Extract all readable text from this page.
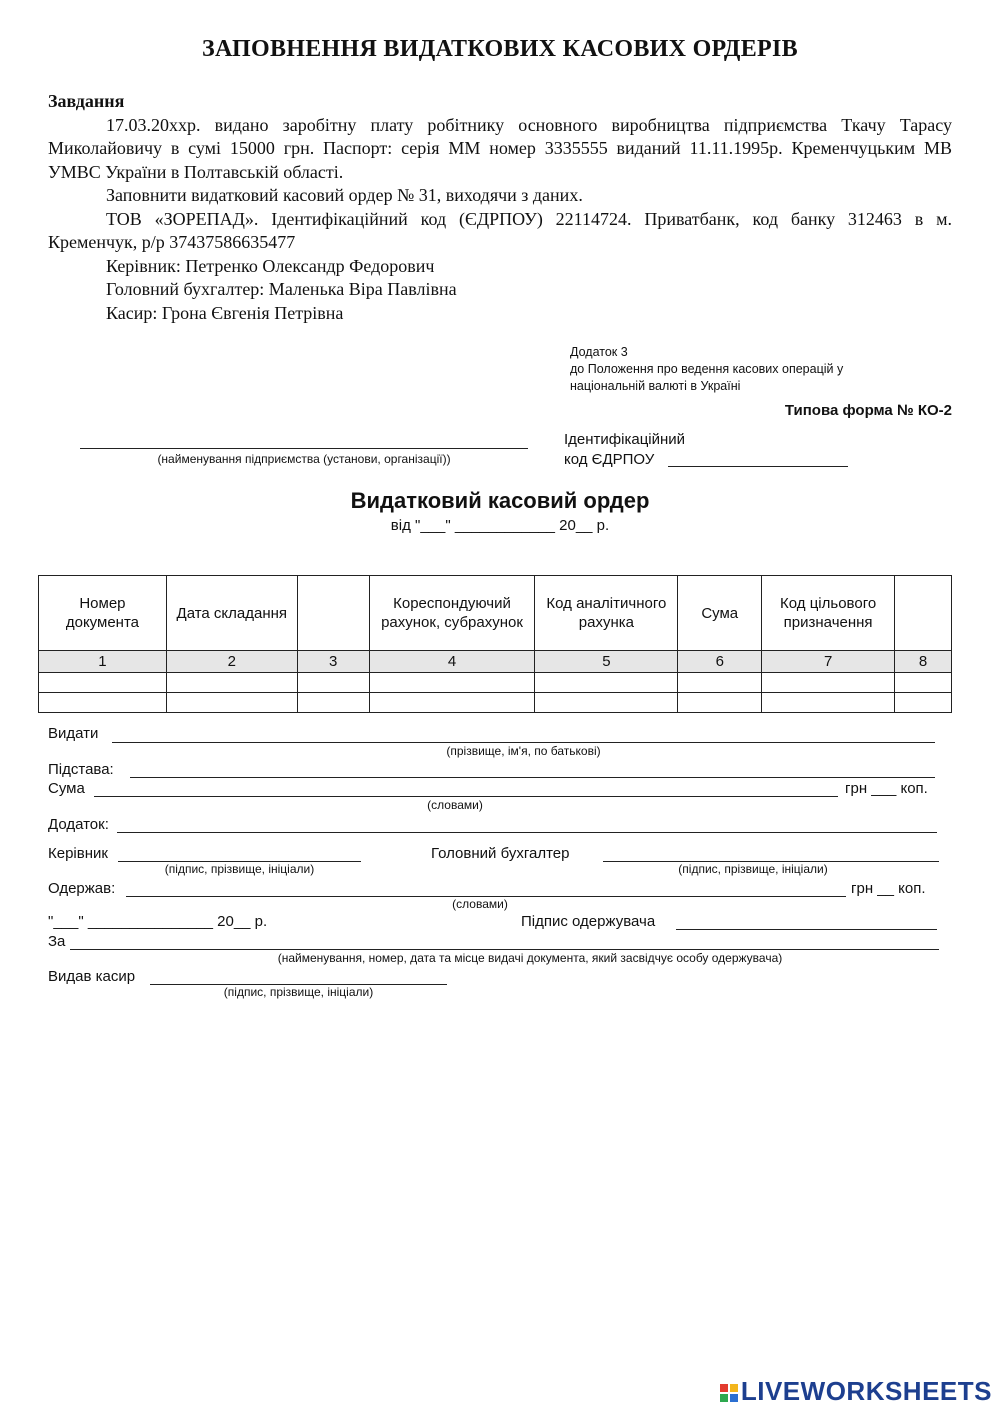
ЗАПОВНЕННЯ ВИДАТКОВИХ КАСОВИХ ОРДЕРІВ
Завдання

17.03.20ххр. видано заробітну плату робітнику основного виробництва підприємства Ткачу Тарасу Миколайовичу в сумі 15000 грн. Паспорт: серія ММ номер 3335555 виданий 11.11.1995р. Кременчуцьким МВ УМВС України в Полтавській області.

Заповнити видатковий касовий ордер № 31, виходячи з даних.

ТОВ «ЗОРЕПАД». Ідентифікаційний код (ЄДРПОУ) 22114724. Приватбанк, код банку 312463 в м. Кременчук, р/р 37437586635477

Керівник: Петренко Олександр Федорович

Головний бухгалтер: Маленька Віра Павлівна

Касир: Грона Євгенія Петрівна

Додаток 3
до Положення про ведення касових операцій у
національній валюті в Україні
Типова форма № КО-2
(найменування підприємства (установи, організації))
Ідентифікаційний
код ЄДРПОУ
Видатковий касовий ордер
від "___" ____________ 20__ р.
Номер документа	Дата складання		Кореспондуючий рахунок, субрахунок	Код аналітичного рахунка	Сума	Код цільового призначення	
1	2	3	4	5	6	7	8

Видати
(прізвище, ім'я, по батькові)
Підстава:
Сума	грн ___ коп.
(словами)
Додаток:
Керівник
(підпис, прізвище, ініціали)
Головний бухгалтер
(підпис, прізвище, ініціали)
Одержав:	грн __ коп.
(словами)
"___" _______________ 20__ р.	Підпис одержувача
За
(найменування, номер, дата та місце видачі документа, який засвідчує особу одержувача)
Видав касир
(підпис, прізвище, ініціали)
LIVEWORKSHEETS
